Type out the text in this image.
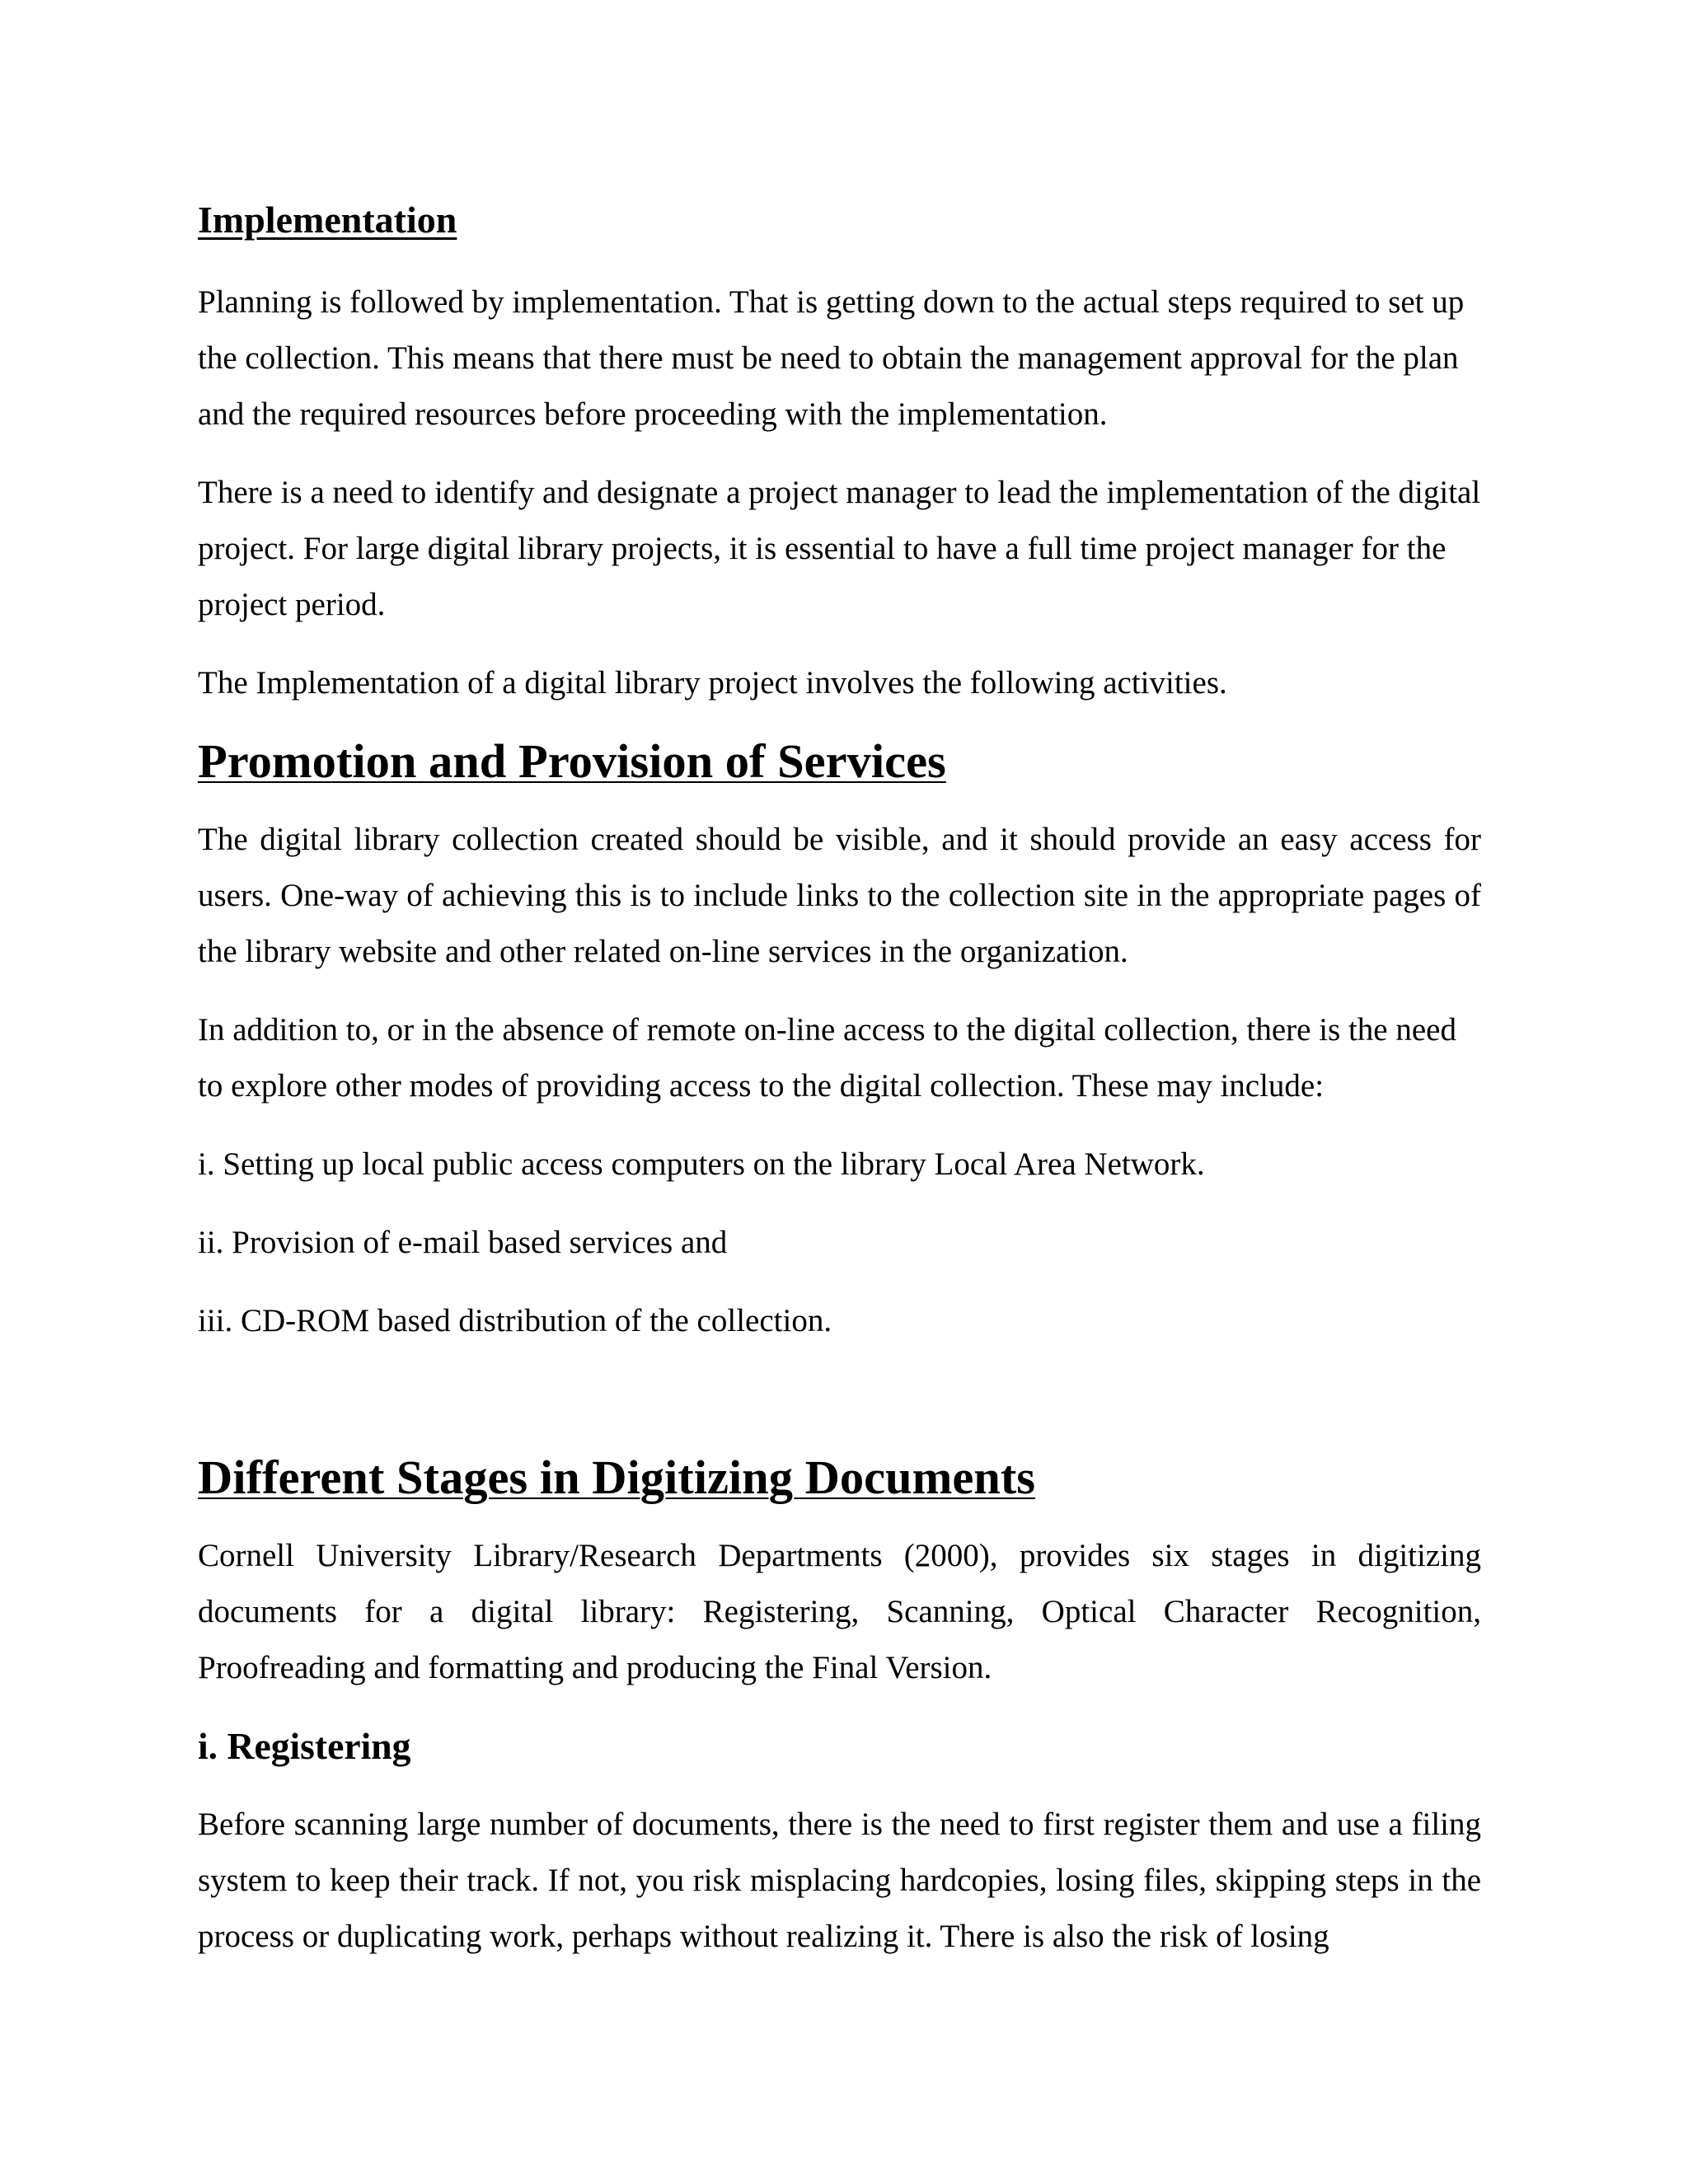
Implementation

Planning is followed by implementation. That is getting down to the actual steps required to set up the collection. This means that there must be need to obtain the management approval for the plan and the required resources before proceeding with the implementation.

There is a need to identify and designate a project manager to lead the implementation of the digital project. For large digital library projects, it is essential to have a full time project manager for the project period.

The Implementation of a digital library project involves the following activities.

Promotion and Provision of Services

The digital library collection created should be visible, and it should provide an easy access for users. One-way of achieving this is to include links to the collection site in the appropriate pages of the library website and other related on-line services in the organization.

In addition to, or in the absence of remote on-line access to the digital collection, there is the need to explore other modes of providing access to the digital collection. These may include:

i. Setting up local public access computers on the library Local Area Network.

ii. Provision of e-mail based services and

iii. CD-ROM based distribution of the collection.

Different Stages in Digitizing Documents

Cornell University Library/Research Departments (2000), provides six stages in digitizing documents for a digital library: Registering, Scanning, Optical Character Recognition, Proofreading and formatting and producing the Final Version.

i. Registering

Before scanning large number of documents, there is the need to first register them and use a filing system to keep their track. If not, you risk misplacing hardcopies, losing files, skipping steps in the process or duplicating work, perhaps without realizing it. There is also the risk of losing
